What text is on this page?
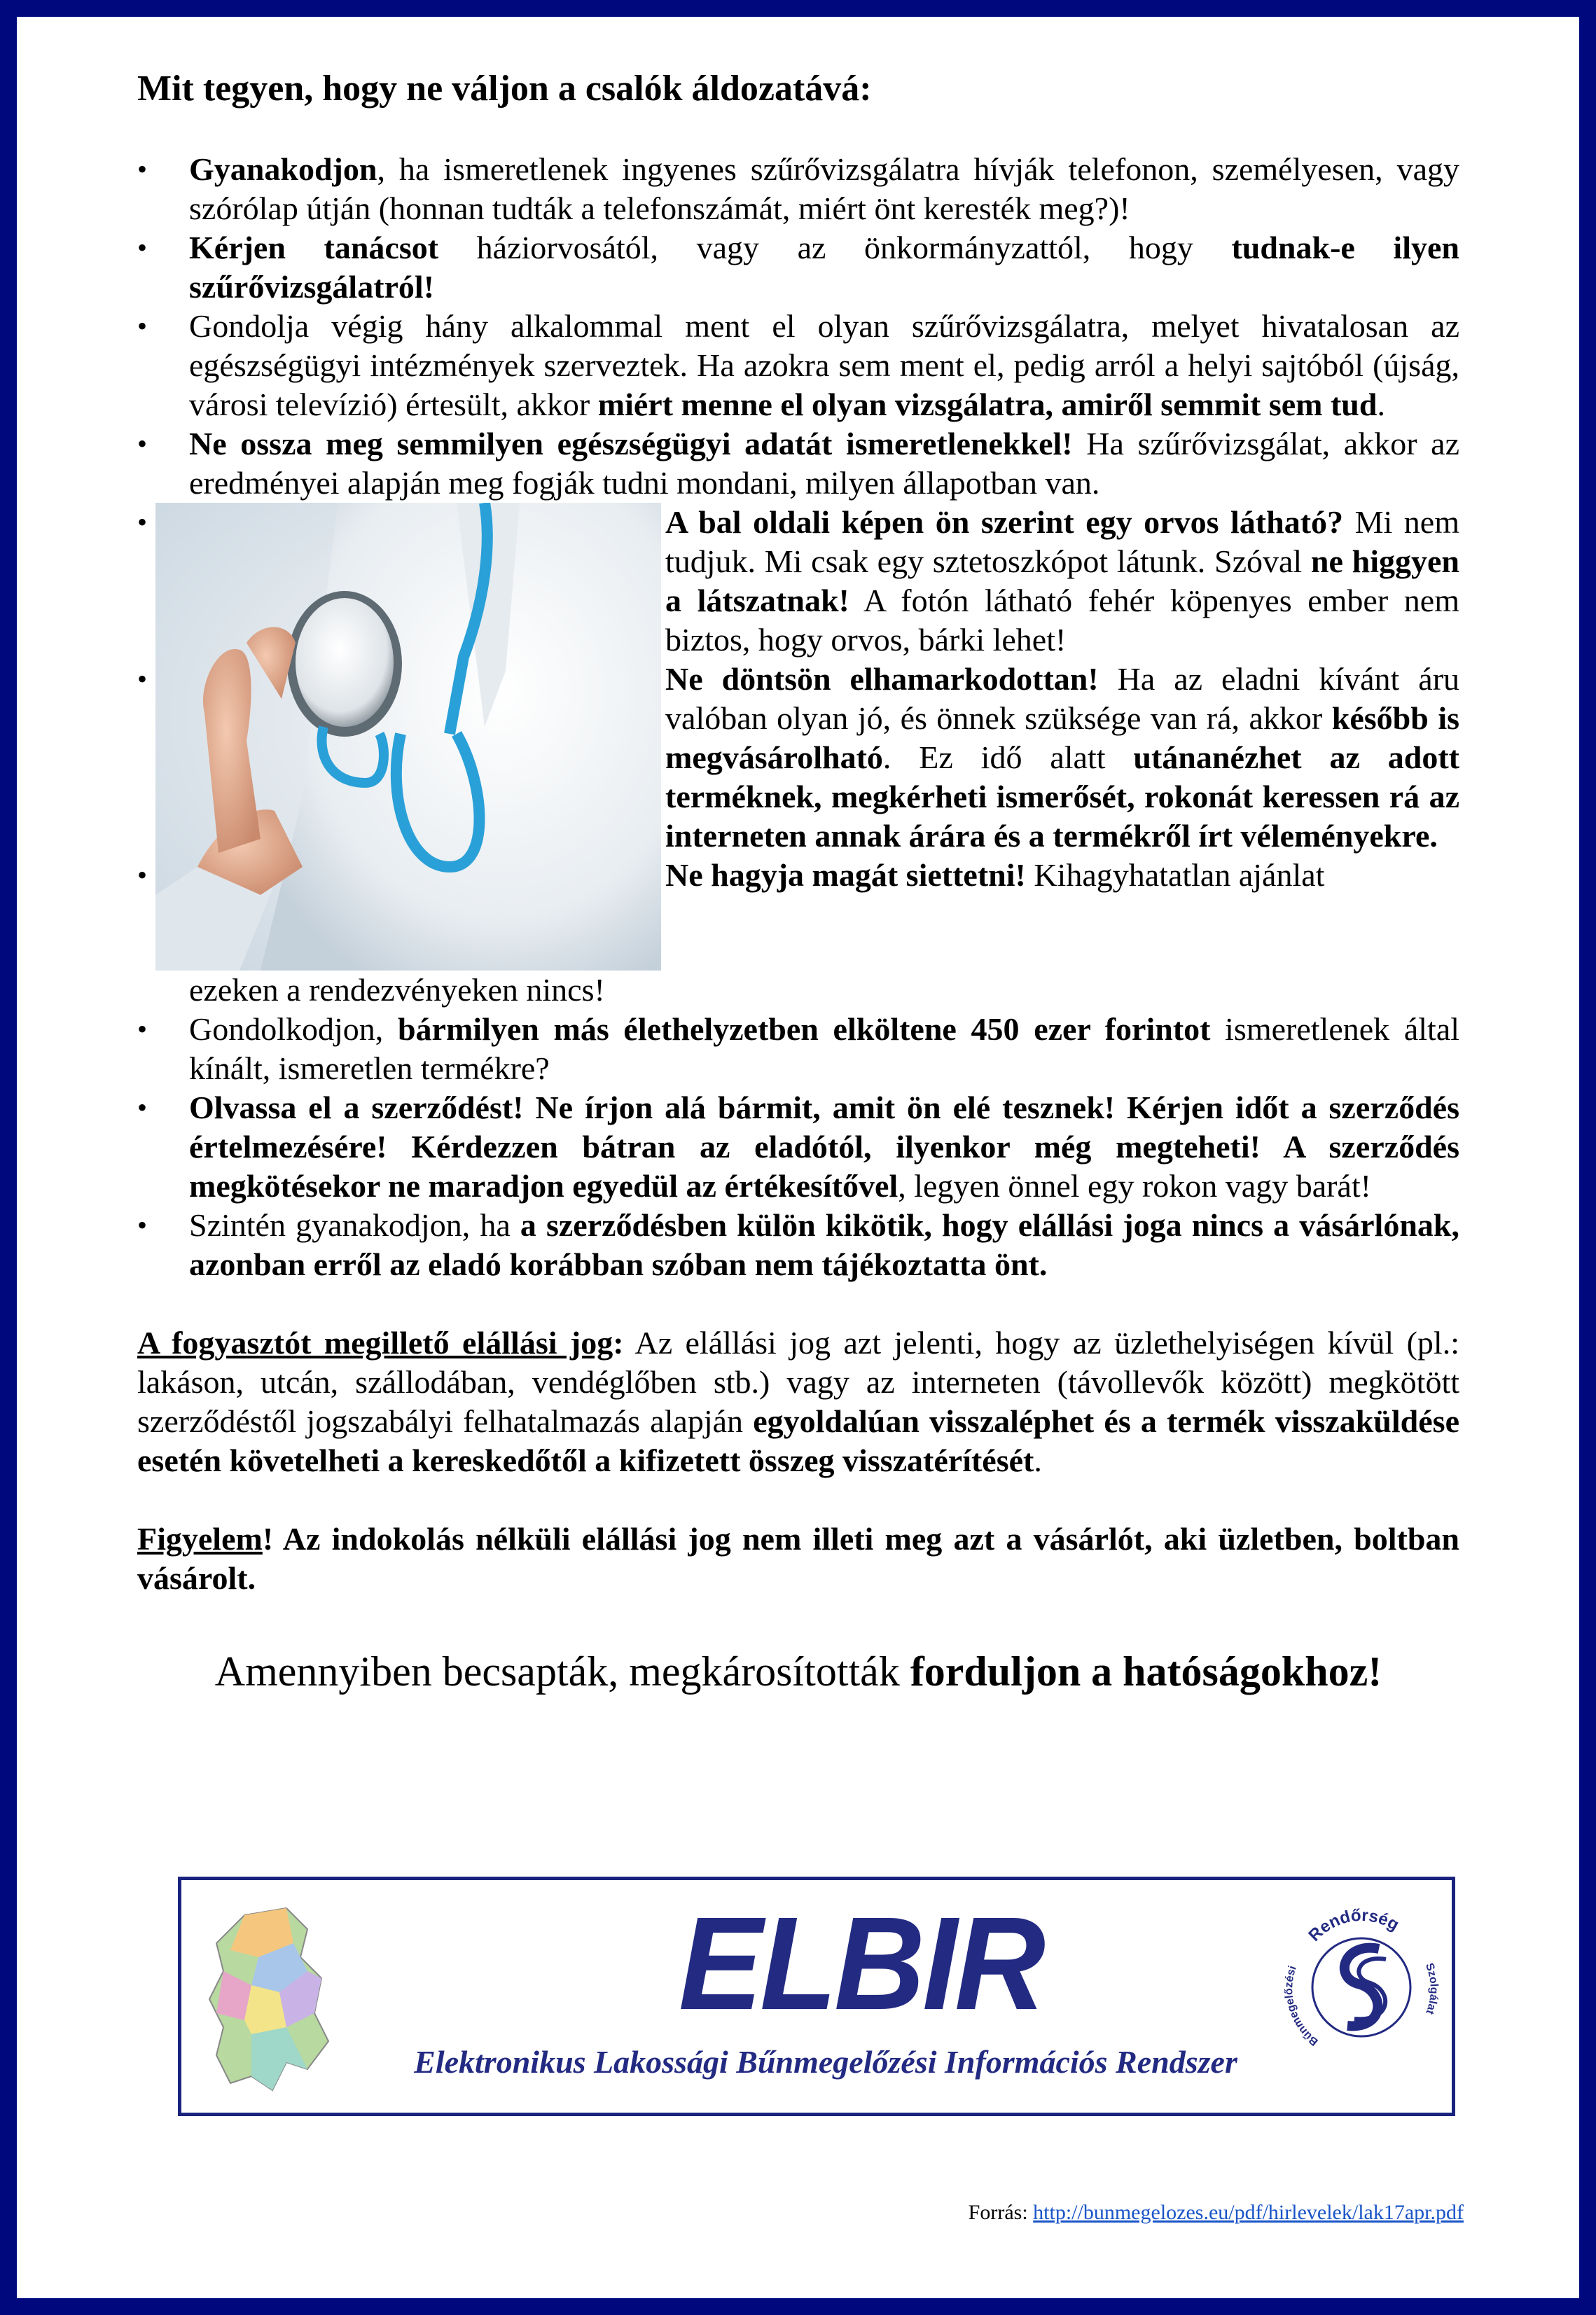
Mit tegyen, hogy ne váljon a csalók áldozatává:
•	Gyanakodjon, ha ismeretlenek ingyenes szűrővizsgálatra hívják telefonon, személyesen, vagy szórólap útján (honnan tudták a telefonszámát, miért önt keresték meg?)!
•	Kérjen tanácsot háziorvosától, vagy az önkormányzattól, hogy tudnak-e ilyen szűrővizsgálatról!
•	Gondolja végig hány alkalommal ment el olyan szűrővizsgálatra, melyet hivatalosan az egészségügyi intézmények szerveztek. Ha azokra sem ment el, pedig arról a helyi sajtóból (újság, városi televízió) értesült, akkor miért menne el olyan vizsgálatra, amiről semmit sem tud.
•	Ne ossza meg semmilyen egészségügyi adatát ismeretlenekkel! Ha szűrővizsgálat, akkor az eredményei alapján meg fogják tudni mondani, milyen állapotban van.
•	A bal oldali képen ön szerint egy orvos látható? Mi nem tudjuk. Mi csak egy sztetoszkópot látunk. Szóval ne higgyen a látszatnak! A fotón látható fehér köpenyes ember nem biztos, hogy orvos, bárki lehet!
•	Ne döntsön elhamarkodottan! Ha az eladni kívánt áru valóban olyan jó, és önnek szüksége van rá, akkor később is megvásárolható. Ez idő alatt utánanézhet az adott terméknek, megkérheti ismerősét, rokonát keressen rá az interneten annak árára és a termékről írt véleményekre.
•	Ne hagyja magát siettetni! Kihagyhatatlan ajánlat
ezeken a rendezvényeken nincs!
•	Gondolkodjon, bármilyen más élethelyzetben elköltene 450 ezer forintot ismeretlenek által kínált, ismeretlen termékre?
•	Olvassa el a szerződést! Ne írjon alá bármit, amit ön elé tesznek! Kérjen időt a szerződés értelmezésére! Kérdezzen bátran az eladótól, ilyenkor még megteheti! A szerződés megkötésekor ne maradjon egyedül az értékesítővel, legyen önnel egy rokon vagy barát!
•	Szintén gyanakodjon, ha a szerződésben külön kikötik, hogy elállási joga nincs a vásárlónak, azonban erről az eladó korábban szóban nem tájékoztatta önt.

A fogyasztót megillető elállási jog: Az elállási jog azt jelenti, hogy az üzlethelyiségen kívül (pl.: lakáson, utcán, szállodában, vendéglőben stb.) vagy az interneten (távollevők között) megkötött szerződéstől jogszabályi felhatalmazás alapján egyoldalúan visszaléphet és a termék visszaküldése esetén követelheti a kereskedőtől a kifizetett összeg visszatérítését.

Figyelem! Az indokolás nélküli elállási jog nem illeti meg azt a vásárlót, aki üzletben, boltban vásárolt.

Amennyiben becsapták, megkárosították forduljon a hatóságokhoz!
ELBIR
Elektronikus Lakossági Bűnmegelőzési Információs Rendszer
Rendőrség
Bűnmegelőzési	Szolgálat
Forrás: http://bunmegelozes.eu/pdf/hirlevelek/lak17apr.pdf
